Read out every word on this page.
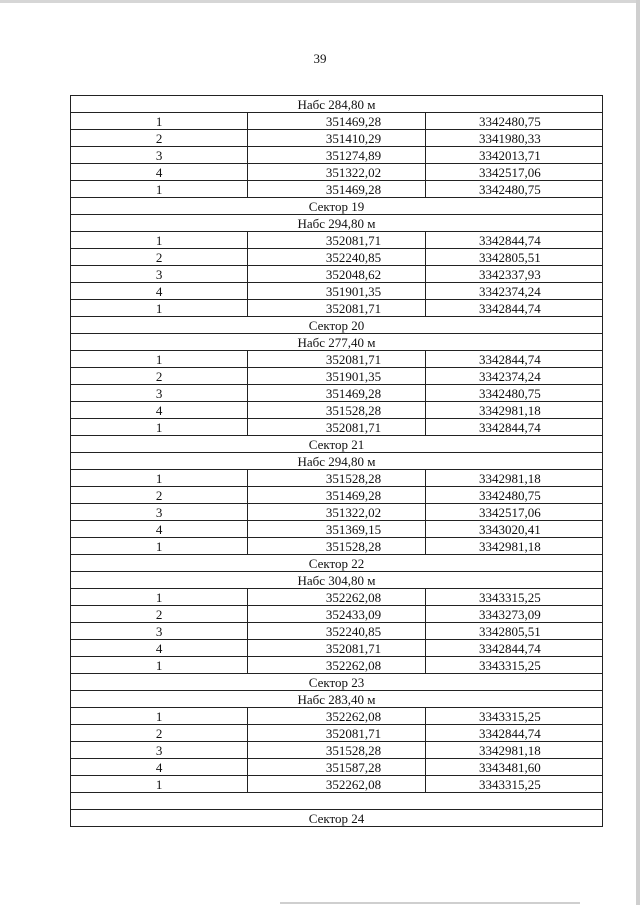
39
Набс 284,80 м		
1	351469,28	3342480,75
2	351410,29	3341980,33
3	351274,89	3342013,71
4	351322,02	3342517,06
1	351469,28	3342480,75
Сектор 19		
Набс 294,80 м		
1	352081,71	3342844,74
2	352240,85	3342805,51
3	352048,62	3342337,93
4	351901,35	3342374,24
1	352081,71	3342844,74
Сектор 20		
Набс 277,40 м		
1	352081,71	3342844,74
2	351901,35	3342374,24
3	351469,28	3342480,75
4	351528,28	3342981,18
1	352081,71	3342844,74
Сектор 21		
Набс 294,80 м		
1	351528,28	3342981,18
2	351469,28	3342480,75
3	351322,02	3342517,06
4	351369,15	3343020,41
1	351528,28	3342981,18
Сектор 22		
Набс 304,80 м		
1	352262,08	3343315,25
2	352433,09	3343273,09
3	352240,85	3342805,51
4	352081,71	3342844,74
1	352262,08	3343315,25
Сектор 23		
Набс 283,40 м		
1	352262,08	3343315,25
2	352081,71	3342844,74
3	351528,28	3342981,18
4	351587,28	3343481,60
1	352262,08	3343315,25

Сектор 24		
